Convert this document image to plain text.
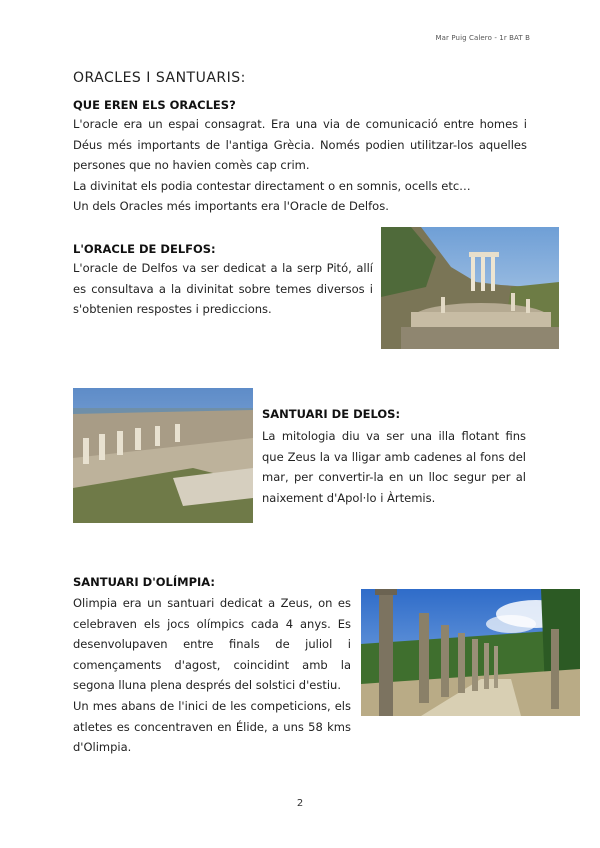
Mar Puig Calero - 1r BAT B
ORACLES I SANTUARIS:
QUE EREN ELS ORACLES?
L'oracle era un espai consagrat. Era una via de comunicació entre homes i Déus més importants de l'antiga Grècia. Només podien utilitzar-los aquelles persones que no havien comès cap crim.
La divinitat els podia contestar directament o en somnis, ocells etc…
Un dels Oracles més importants era l'Oracle de Delfos.
L'ORACLE DE DELFOS:

L'oracle de Delfos va ser dedicat a la serp Pitó, allí es consultava a la divinitat sobre temes diversos i s'obtenien respostes i prediccions.

SANTUARI DE DELOS:

La mitologia diu va ser una illa flotant fins que Zeus la va lligar amb cadenes al fons del mar, per convertir-la en un lloc segur per al naixement d'Apol·lo i Àrtemis.

SANTUARI D'OLÍMPIA:
Olimpia era un santuari dedicat a Zeus, on es celebraven els jocs olímpics cada 4 anys. Es desenvolupaven entre finals de juliol i començaments d'agost, coincidint amb la segona lluna plena després del solstici d'estiu.
Un mes abans de l'inici de les competicions, els atletes es concentraven en Élide, a uns 58 kms d'Olimpia.
2
